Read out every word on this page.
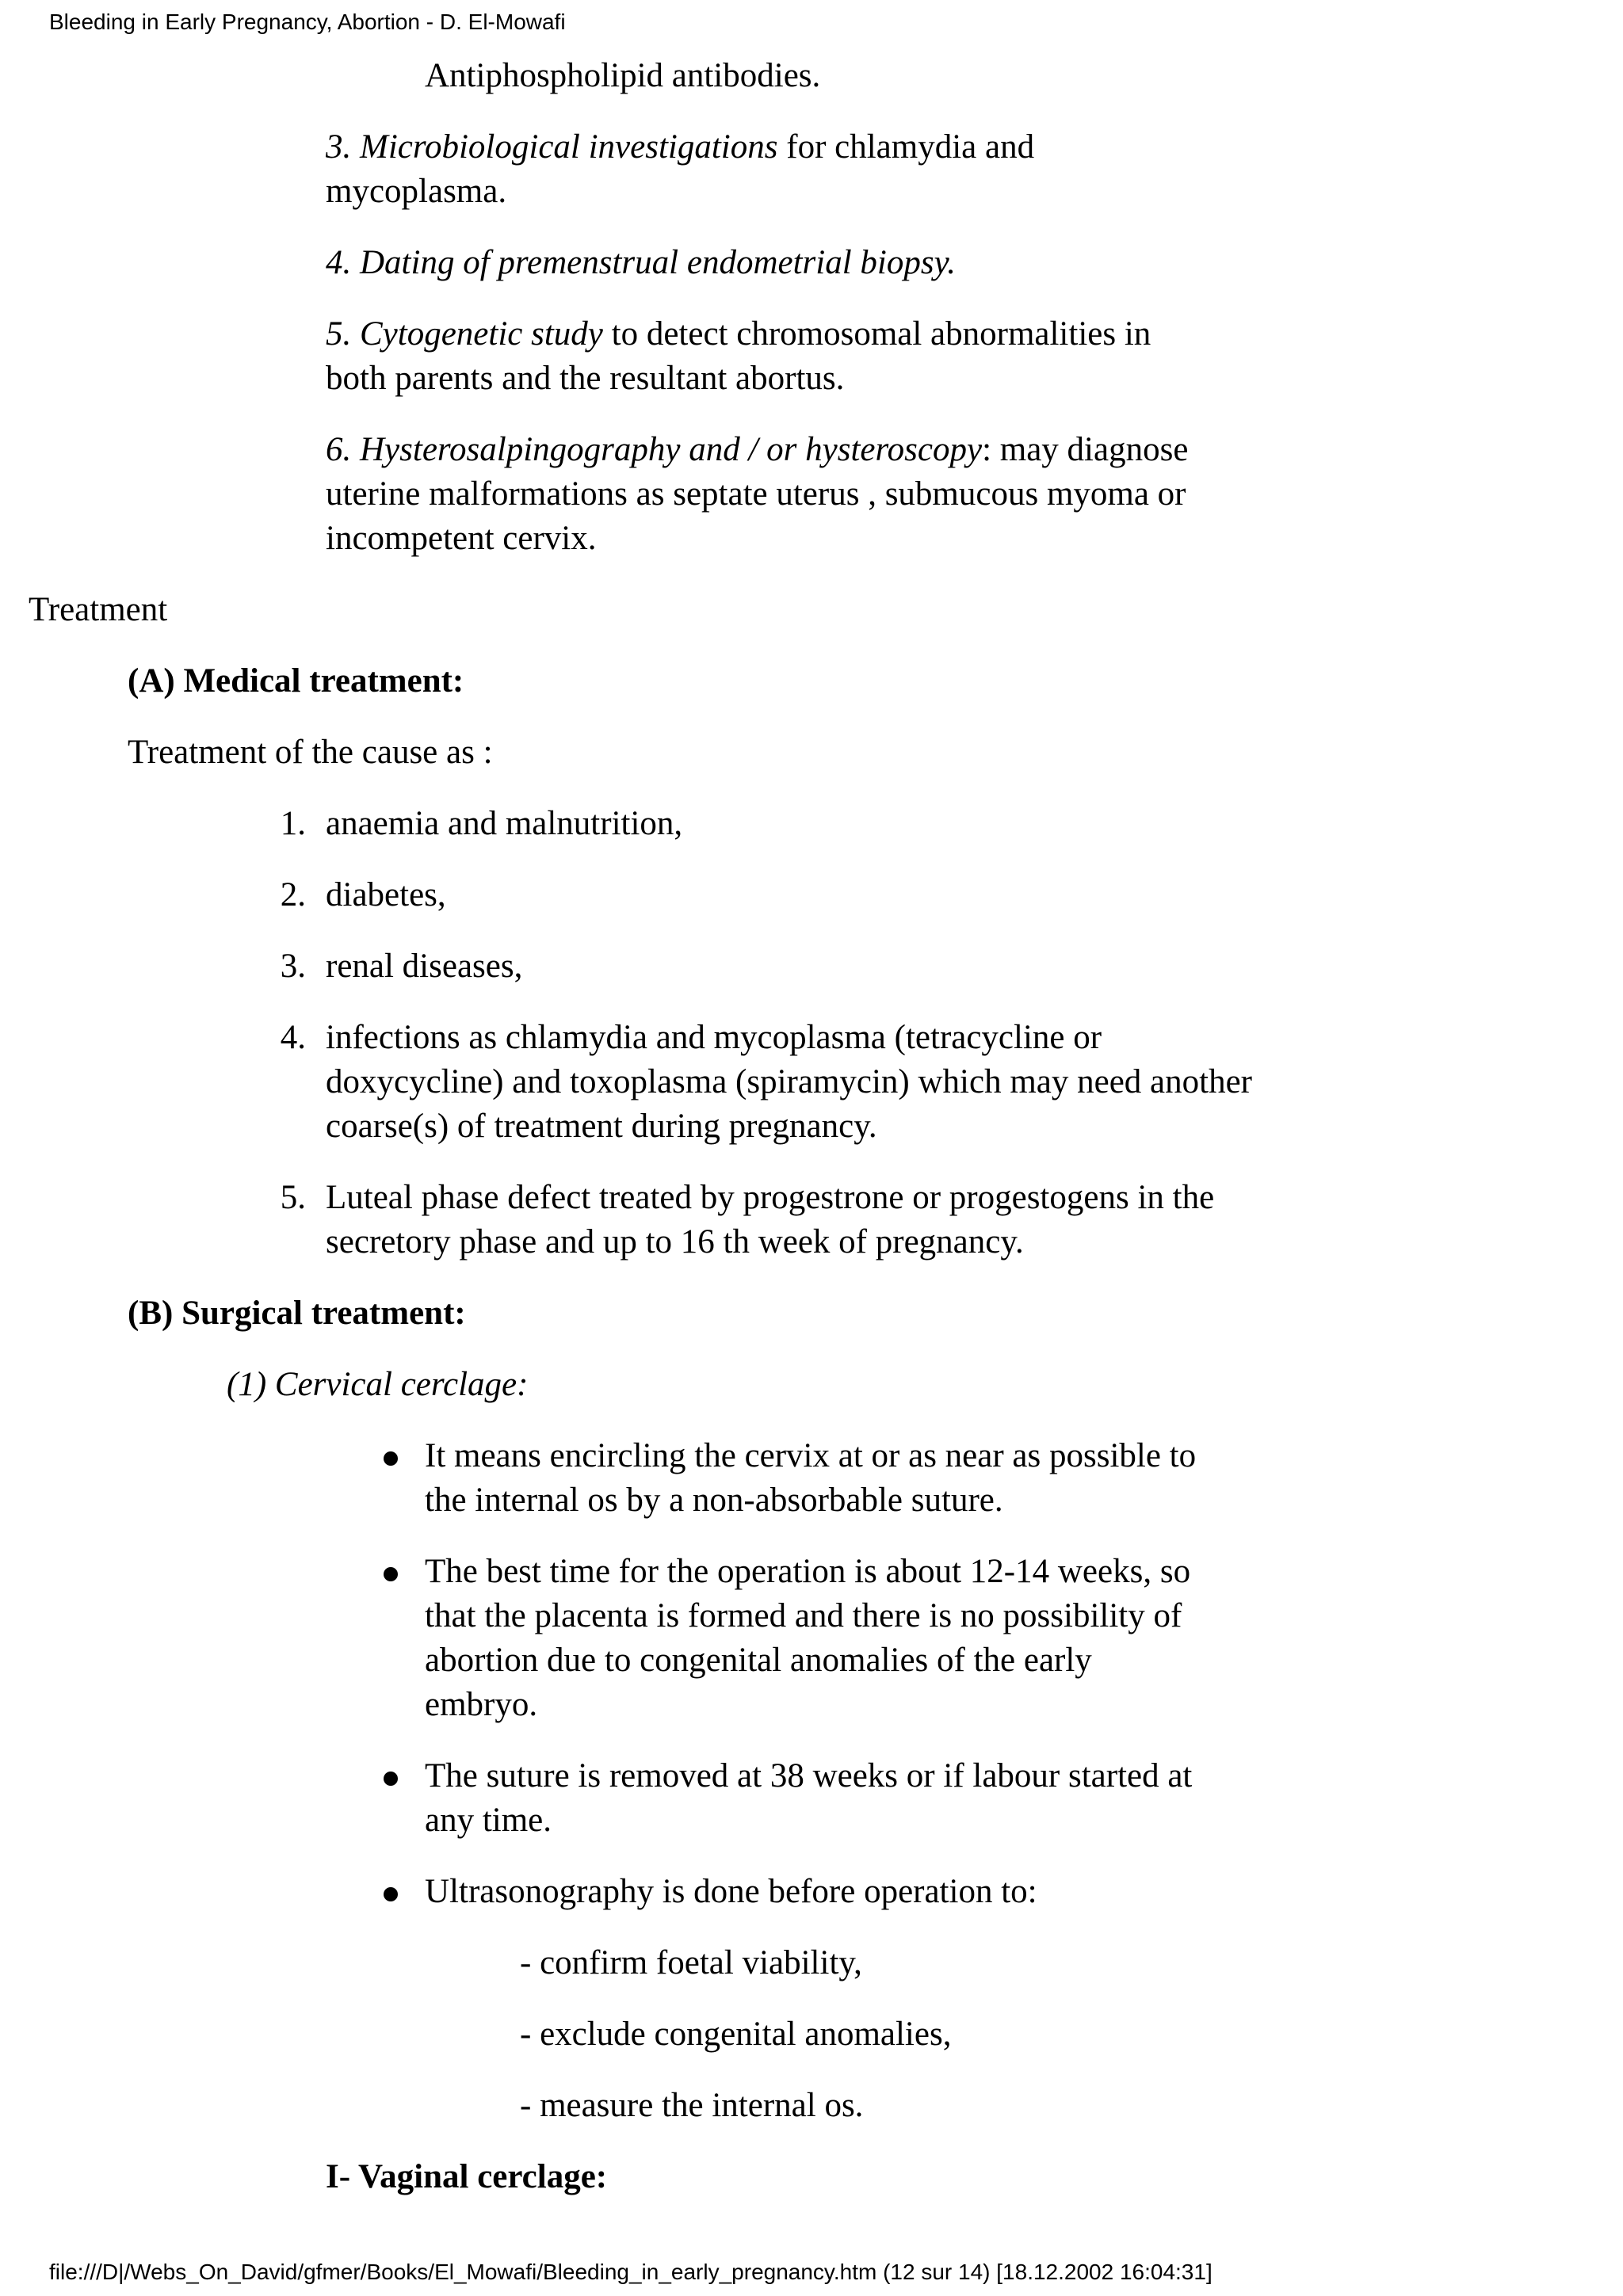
Bleeding in Early Pregnancy, Abortion - D. El-Mowafi
Antiphospholipid antibodies.
3. Microbiological investigations for chlamydia and
mycoplasma.
4. Dating of premenstrual endometrial biopsy.
5. Cytogenetic study to detect chromosomal abnormalities in
both parents and the resultant abortus.
6. Hysterosalpingography and / or hysteroscopy: may diagnose
uterine malformations as septate uterus , submucous myoma or
incompetent cervix.
Treatment
(A) Medical treatment:
Treatment of the cause as :
1. anaemia and malnutrition,
2. diabetes,
3. renal diseases,
4. infections as chlamydia and mycoplasma (tetracycline or
doxycycline) and toxoplasma (spiramycin) which may need another
coarse(s) of treatment during pregnancy.
5. Luteal phase defect treated by progestrone or progestogens in the
secretory phase and up to 16 th week of pregnancy.
(B) Surgical treatment:
(1) Cervical cerclage:
It means encircling the cervix at or as near as possible to
the internal os by a non-absorbable suture.
The best time for the operation is about 12-14 weeks, so
that the placenta is formed and there is no possibility of
abortion due to congenital anomalies of the early
embryo.
The suture is removed at 38 weeks or if labour started at
any time.
Ultrasonography is done before operation to:
- confirm foetal viability,
- exclude congenital anomalies,
- measure the internal os.
I- Vaginal cerclage:
file:///D|/Webs_On_David/gfmer/Books/El_Mowafi/Bleeding_in_early_pregnancy.htm (12 sur 14) [18.12.2002 16:04:31]
